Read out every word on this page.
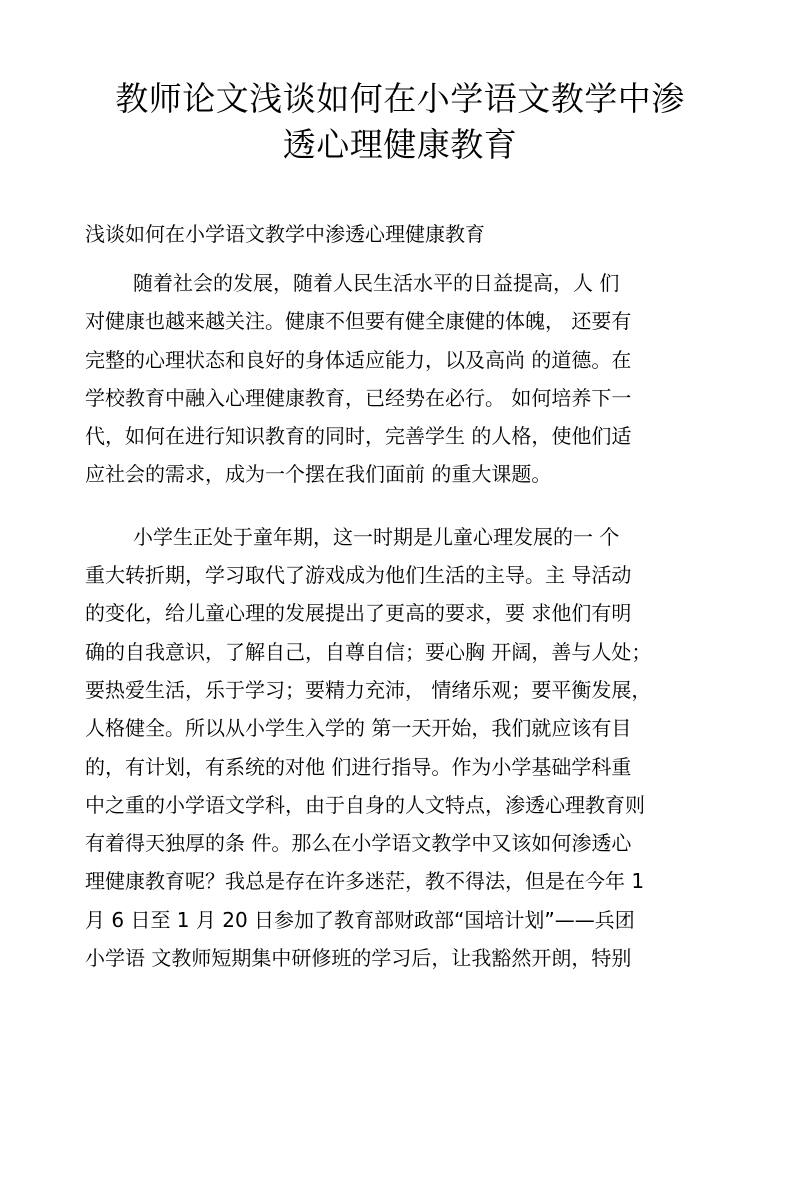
教师论文浅谈如何在小学语文教学中渗
透心理健康教育

浅谈如何在小学语文教学中渗透心理健康教育

随着社会的发展，随着人民生活水平的日益提高，人 们
对健康也越来越关注。健康不但要有健全康健的体魄， 还要有
完整的心理状态和良好的身体适应能力，以及高尚 的道德。在
学校教育中融入心理健康教育，已经势在必行。 如何培养下一
代，如何在进行知识教育的同时，完善学生 的人格，使他们适
应社会的需求，成为一个摆在我们面前 的重大课题。
小学生正处于童年期，这一时期是儿童心理发展的一 个
重大转折期，学习取代了游戏成为他们生活的主导。主 导活动
的变化，给儿童心理的发展提出了更高的要求，要 求他们有明
确的自我意识，了解自己，自尊自信；要心胸 开阔，善与人处；
要热爱生活，乐于学习；要精力充沛， 情绪乐观；要平衡发展，
人格健全。所以从小学生入学的 第一天开始，我们就应该有目
的，有计划，有系统的对他 们进行指导。作为小学基础学科重
中之重的小学语文学科，由于自身的人文特点，渗透心理教育则
有着得天独厚的条 件。那么在小学语文教学中又该如何渗透心
理健康教育呢？我总是存在许多迷茫，教不得法，但是在今年 1
月 6 日至 1 月 20 日参加了教育部财政部“国培计划”——兵团
小学语 文教师短期集中研修班的学习后，让我豁然开朗，特别
